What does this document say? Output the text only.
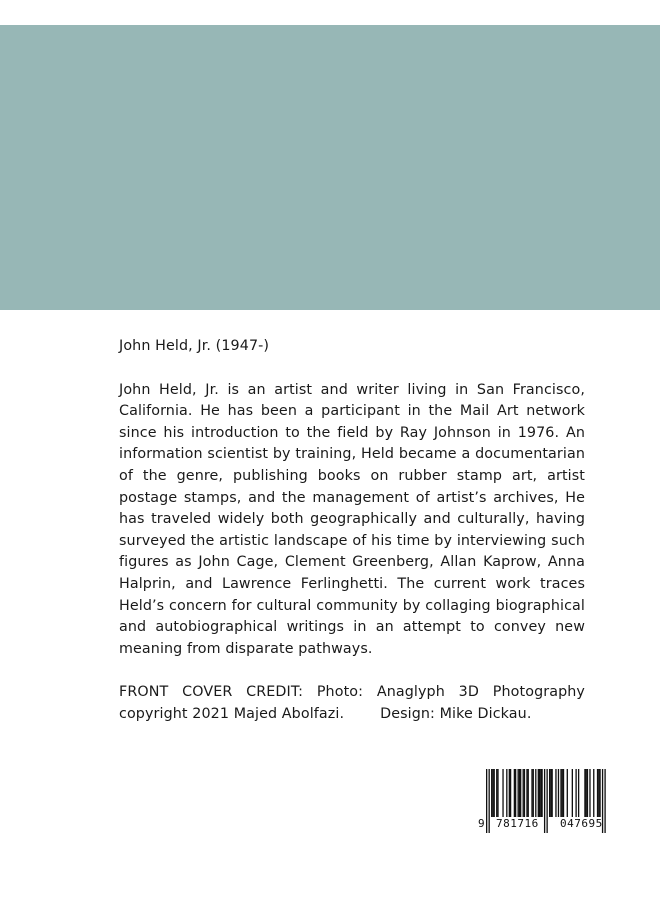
John Held, Jr. (1947-)

John Held, Jr. is an artist and writer living in San Francisco, California. He has been a participant in the Mail Art network since his introduction to the field by Ray Johnson in 1976. An information scientist by training, Held became a documentarian of the genre, publishing books on rubber stamp art, artist postage stamps, and the management of artist’s archives, He has traveled widely both geographically and culturally, having surveyed the artistic landscape of his time by interviewing such figures as John Cage, Clement Greenberg, Allan Kaprow, Anna Halprin, and Lawrence Ferlinghetti. The current work traces Held’s concern for cultural community by collaging biographical and autobiographical writings in an attempt to convey new meaning from disparate pathways.

FRONT COVER CREDIT: Photo: Anaglyph 3D Photography copyright 2021 Majed Abolfazi.	Design: Mike Dickau.

9 781716 047695
